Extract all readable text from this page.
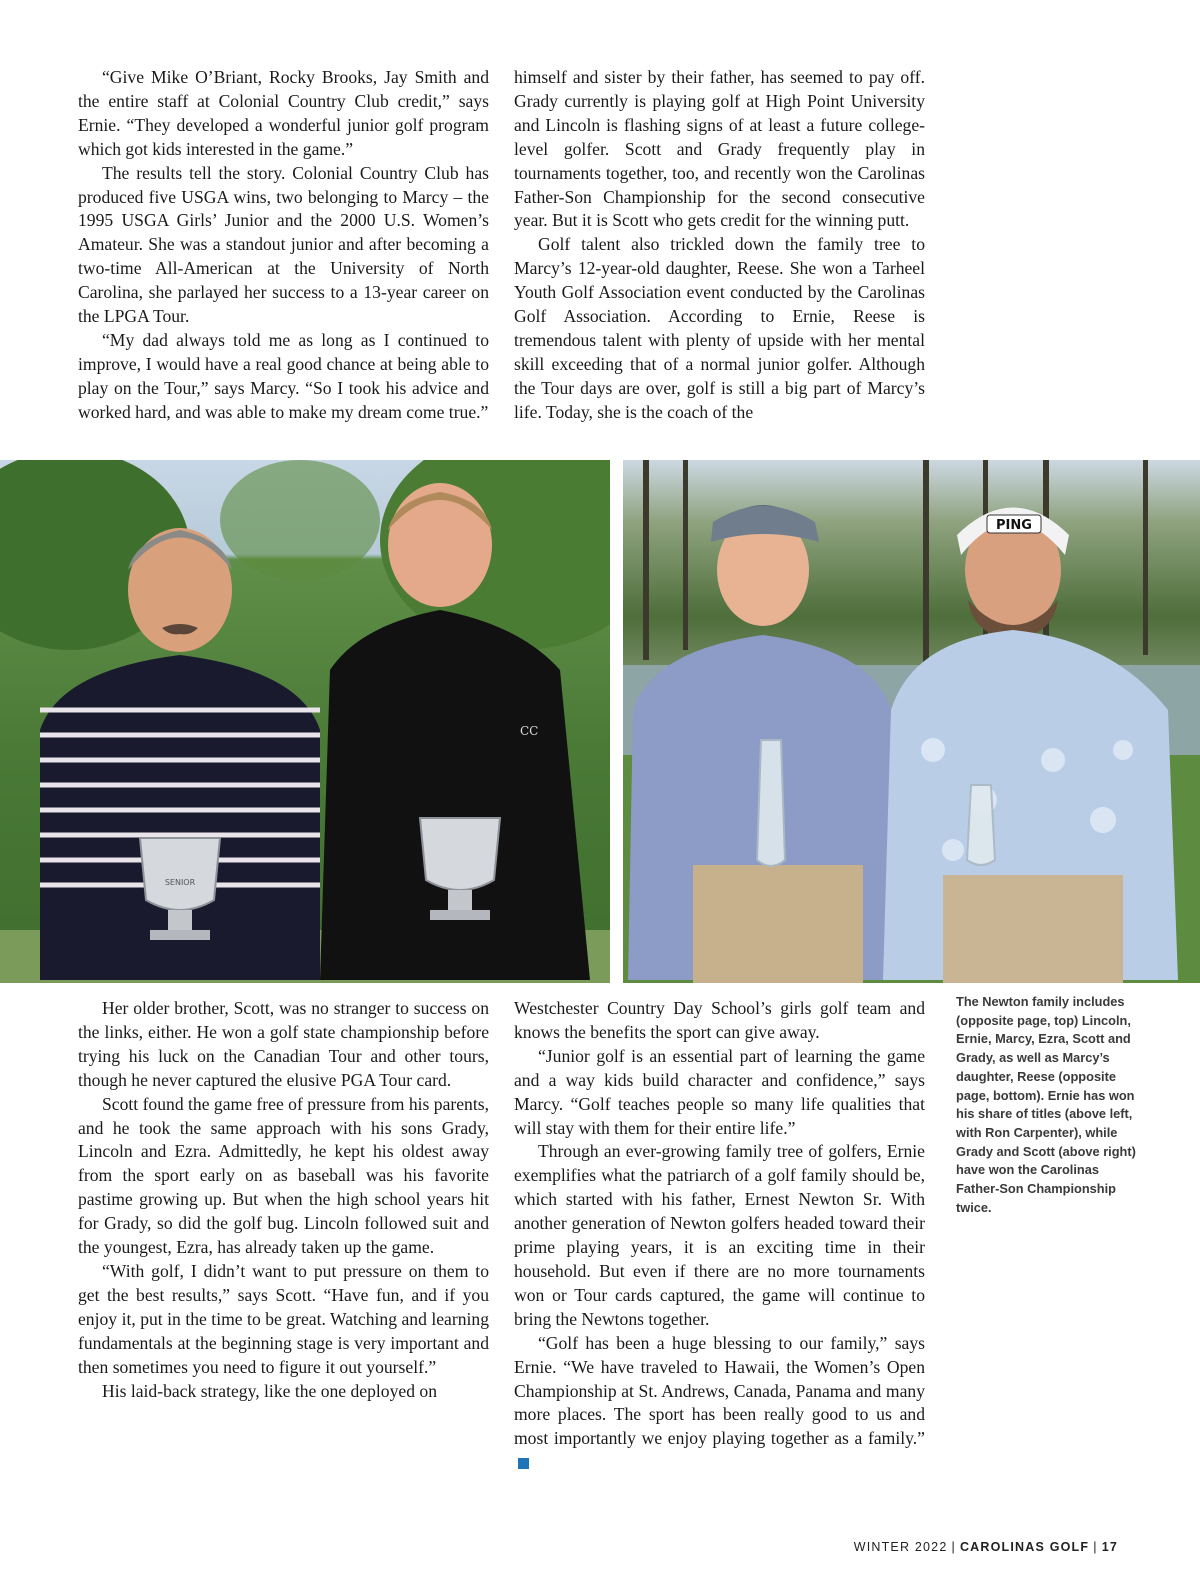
“Give Mike O’Briant, Rocky Brooks, Jay Smith and the entire staff at Colonial Country Club credit,” says Ernie. “They developed a wonderful junior golf program which got kids interested in the game.”

The results tell the story. Colonial Country Club has produced five USGA wins, two belonging to Marcy – the 1995 USGA Girls’ Junior and the 2000 U.S. Women’s Amateur. She was a standout junior and after becoming a two-time All-American at the University of North Carolina, she parlayed her success to a 13-year career on the LPGA Tour.

“My dad always told me as long as I continued to improve, I would have a real good chance at being able to play on the Tour,” says Marcy. “So I took his advice and worked hard, and was able to make my dream come true.”

himself and sister by their father, has seemed to pay off. Grady currently is playing golf at High Point University and Lincoln is flashing signs of at least a future college-level golfer. Scott and Grady frequently play in tournaments together, too, and recently won the Carolinas Father-Son Championship for the second consecutive year. But it is Scott who gets credit for the winning putt.

Golf talent also trickled down the family tree to Marcy’s 12-year-old daughter, Reese. She won a Tarheel Youth Golf Association event conducted by the Carolinas Golf Association. According to Ernie, Reese is tremendous talent with plenty of upside with her mental skill exceeding that of a normal junior golfer. Although the Tour days are over, golf is still a big part of Marcy’s life. Today, she is the coach of the

SENIOR
CC
PING

Her older brother, Scott, was no stranger to success on the links, either. He won a golf state championship before trying his luck on the Canadian Tour and other tours, though he never captured the elusive PGA Tour card.

Scott found the game free of pressure from his parents, and he took the same approach with his sons Grady, Lincoln and Ezra. Admittedly, he kept his oldest away from the sport early on as baseball was his favorite pastime growing up. But when the high school years hit for Grady, so did the golf bug. Lincoln followed suit and the youngest, Ezra, has already taken up the game.

“With golf, I didn’t want to put pressure on them to get the best results,” says Scott. “Have fun, and if you enjoy it, put in the time to be great. Watching and learning fundamentals at the beginning stage is very important and then sometimes you need to figure it out yourself.”

His laid-back strategy, like the one deployed on

Westchester Country Day School’s girls golf team and knows the benefits the sport can give away.

“Junior golf is an essential part of learning the game and a way kids build character and confidence,” says Marcy. “Golf teaches people so many life qualities that will stay with them for their entire life.”

Through an ever-growing family tree of golfers, Ernie exemplifies what the patriarch of a golf family should be, which started with his father, Ernest Newton Sr. With another generation of Newton golfers headed toward their prime playing years, it is an exciting time in their household. But even if there are no more tournaments won or Tour cards captured, the game will continue to bring the Newtons together.

“Golf has been a huge blessing to our family,” says Ernie. “We have traveled to Hawaii, the Women’s Open Championship at St. Andrews, Canada, Panama and many more places. The sport has been really good to us and most importantly we enjoy playing together as a family.”

The Newton family includes (opposite page, top) Lincoln, Ernie, Marcy, Ezra, Scott and Grady, as well as Marcy’s daughter, Reese (opposite page, bottom). Ernie has won his share of titles (above left, with Ron Carpenter), while Grady and Scott (above right) have won the Carolinas Father-Son Championship twice.
WINTER 2022 | CAROLINAS GOLF | 17
